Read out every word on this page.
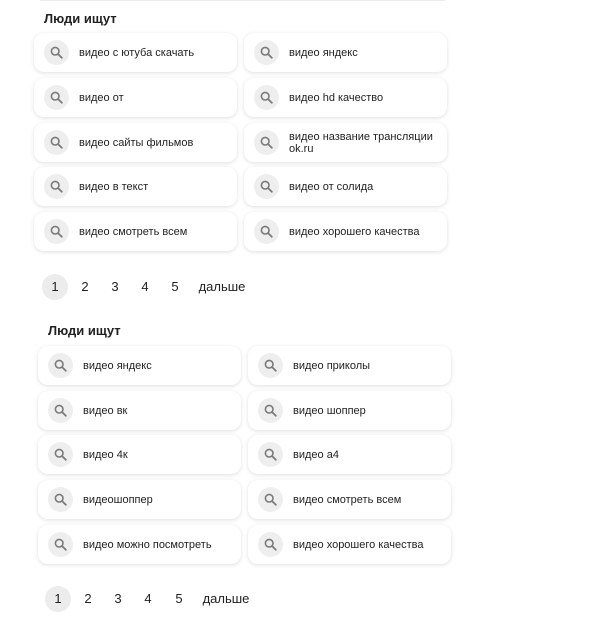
Люди ищут
видео с ютуба скачать	видео яндекс
видео от	видео hd качество
видео сайты фильмов	видео название трансляции ok.ru
видео в текст	видео от солида
видео смотреть всем	видео хорошего качества
1	2	3	4	5	дальше
Люди ищут
видео яндекс	видео приколы
видео вк	видео шоппер
видео 4к	видео а4
видеошоппер	видео смотреть всем
видео можно посмотреть	видео хорошего качества
1	2	3	4	5	дальше
